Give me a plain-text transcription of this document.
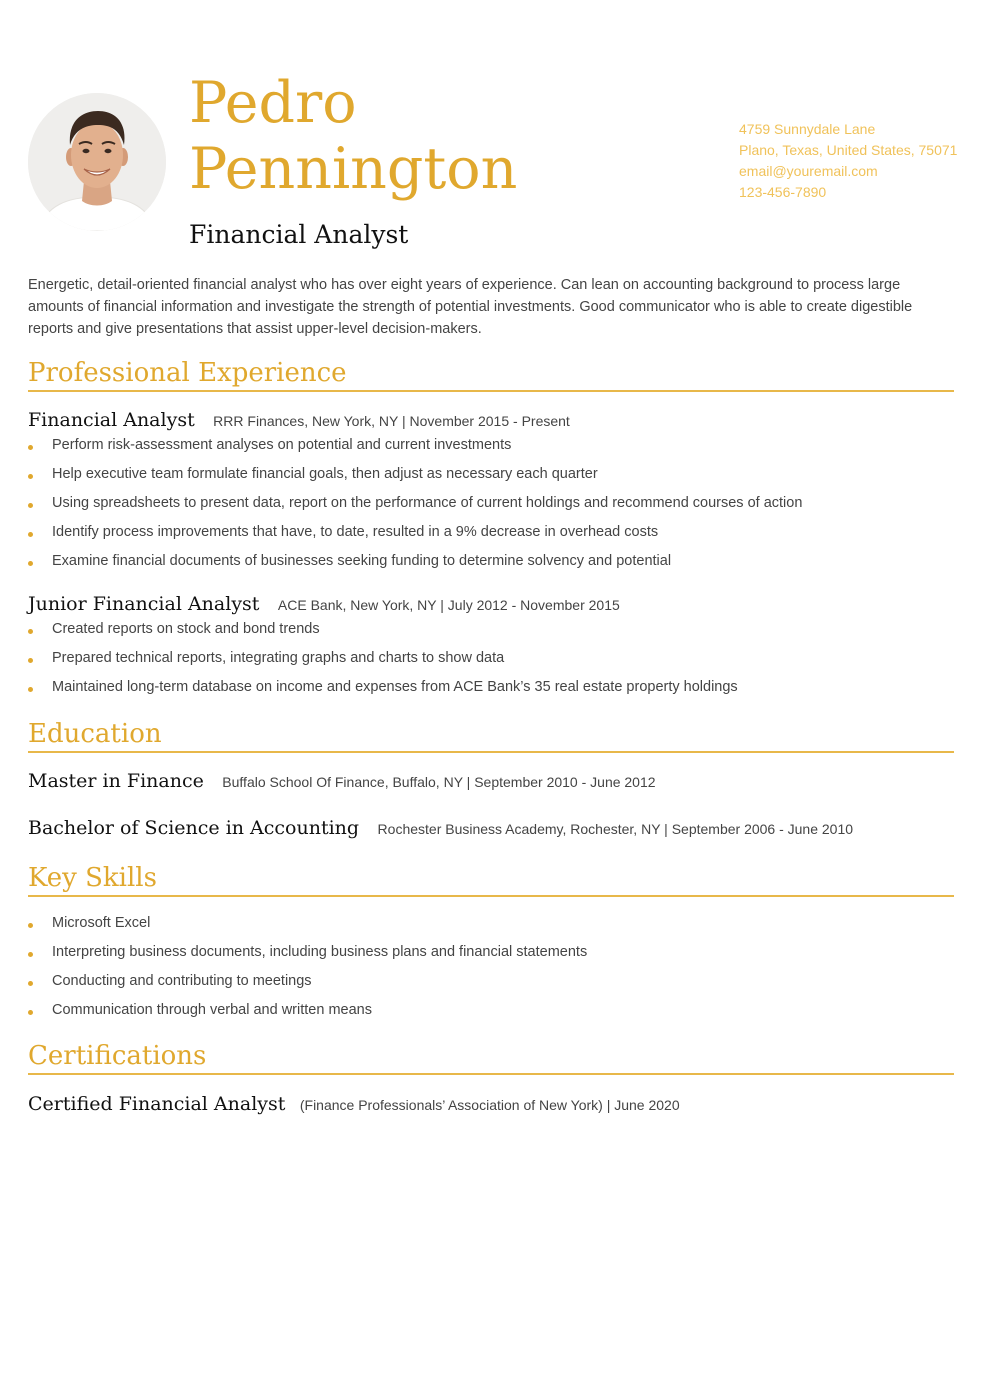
Pedro
Pennington
Financial Analyst
4759 Sunnydale Lane
Plano, Texas, United States, 75071
email@youremail.com
123-456-7890
Energetic, detail-oriented financial analyst who has over eight years of experience. Can lean on accounting background to process large amounts of financial information and investigate the strength of potential investments. Good communicator who is able to create digestible reports and give presentations that assist upper-level decision-makers.
Professional Experience
Financial Analyst RRR Finances, New York, NY | November 2015 - Present
Perform risk-assessment analyses on potential and current investments
Help executive team formulate financial goals, then adjust as necessary each quarter
Using spreadsheets to present data, report on the performance of current holdings and recommend courses of action
Identify process improvements that have, to date, resulted in a 9% decrease in overhead costs
Examine financial documents of businesses seeking funding to determine solvency and potential
Junior Financial Analyst ACE Bank, New York, NY | July 2012 - November 2015
Created reports on stock and bond trends
Prepared technical reports, integrating graphs and charts to show data
Maintained long-term database on income and expenses from ACE Bank’s 35 real estate property holdings
Education
Master in Finance Buffalo School Of Finance, Buffalo, NY | September 2010 - June 2012
Bachelor of Science in Accounting Rochester Business Academy, Rochester, NY | September 2006 - June 2010
Key Skills
Microsoft Excel
Interpreting business documents, including business plans and financial statements
Conducting and contributing to meetings
Communication through verbal and written means
Certifications
Certified Financial Analyst (Finance Professionals’ Association of New York) | June 2020
